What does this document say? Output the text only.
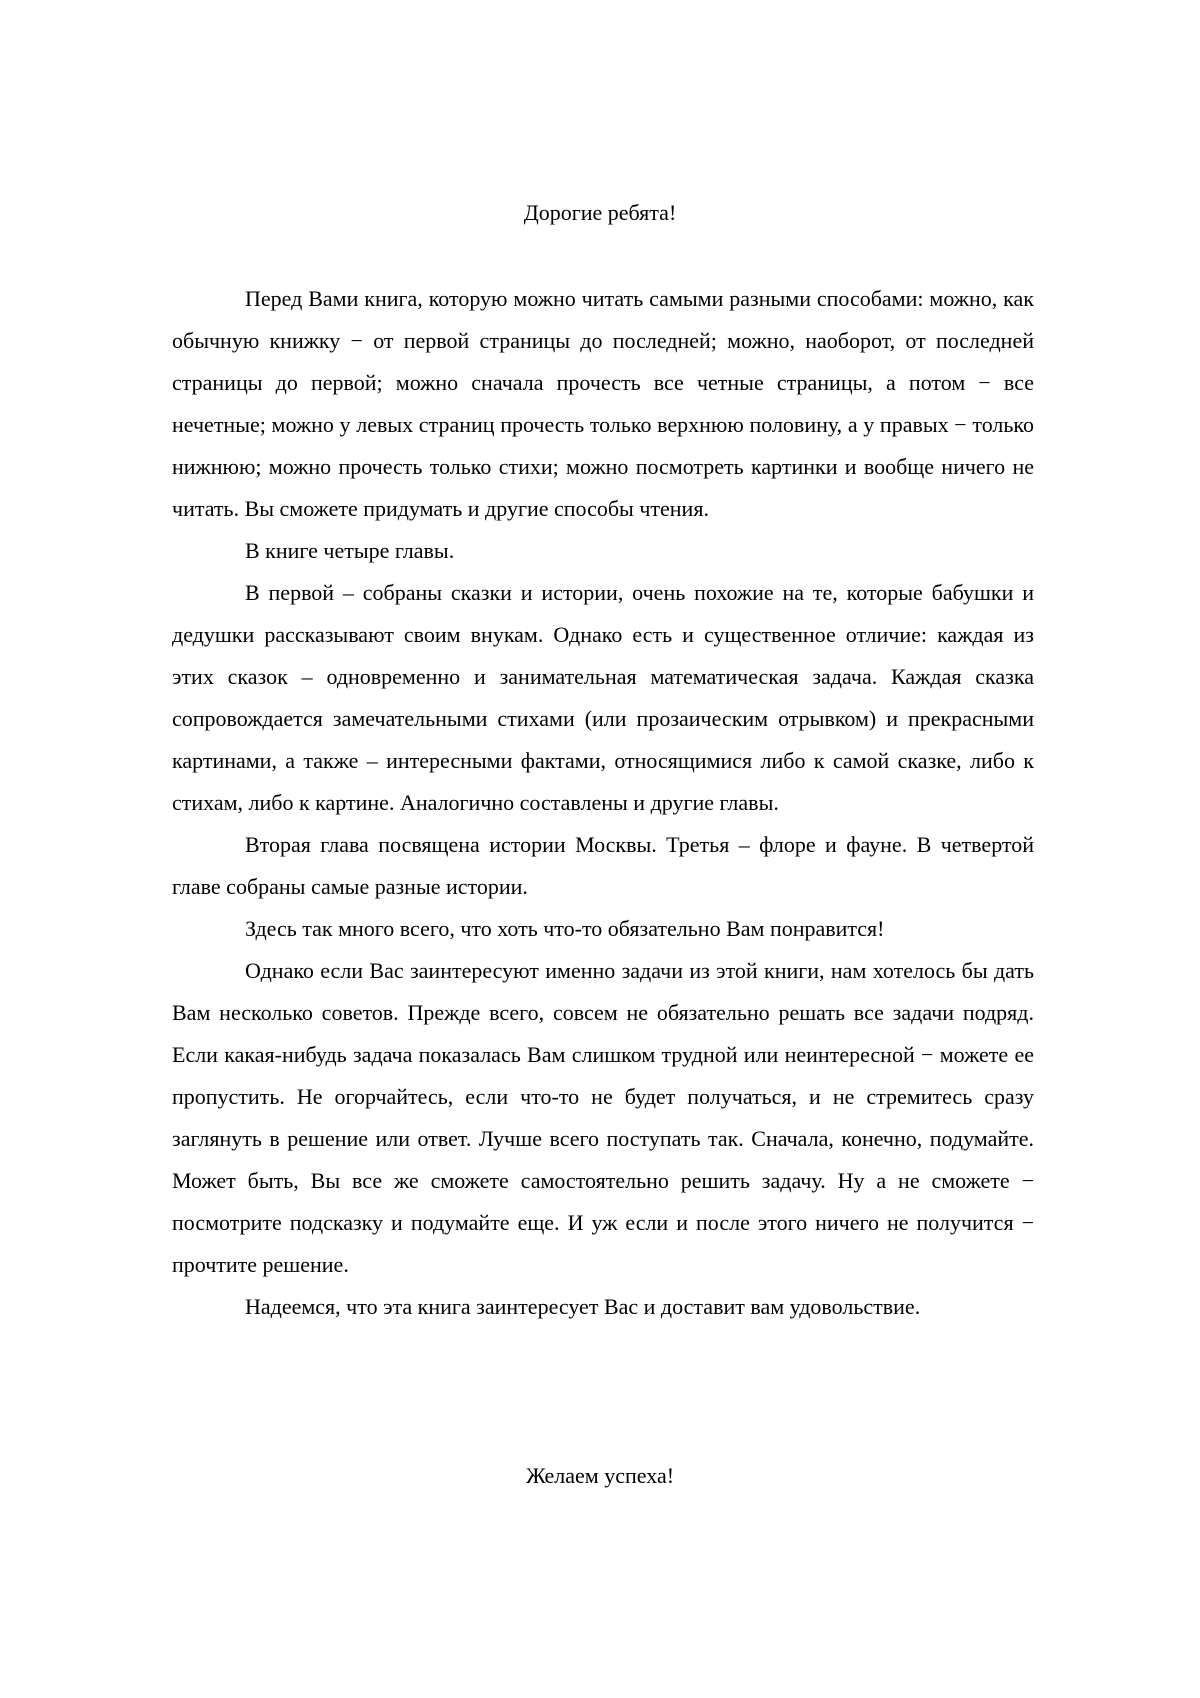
Дорогие ребята!

Перед Вами книга, которую можно читать самыми разными способами: можно, как обычную книжку − от первой страницы до последней; можно, наоборот, от последней страницы до первой; можно сначала прочесть все четные страницы, а потом − все нечетные; можно у левых страниц прочесть только верхнюю половину, а у правых − только нижнюю; можно прочесть только стихи; можно посмотреть картинки и вообще ничего не читать. Вы сможете придумать и другие способы чтения.

В книге четыре главы.

В первой – собраны сказки и истории, очень похожие на те, которые бабушки и дедушки рассказывают своим внукам. Однако есть и существенное отличие: каждая из этих сказок – одновременно и занимательная математическая задача. Каждая сказка сопровождается замечательными стихами (или прозаическим отрывком) и прекрасными картинами, а также – интересными фактами, относящимися либо к самой сказке, либо к стихам, либо к картине. Аналогично составлены и другие главы.

Вторая глава посвящена истории Москвы. Третья – флоре и фауне. В четвертой главе собраны самые разные истории.

Здесь так много всего, что хоть что-то обязательно Вам понравится!

Однако если Вас заинтересуют именно задачи из этой книги, нам хотелось бы дать Вам несколько советов. Прежде всего, совсем не обязательно решать все задачи подряд. Если какая-нибудь задача показалась Вам слишком трудной или неинтересной − можете ее пропустить. Не огорчайтесь, если что-то не будет получаться, и не стремитесь сразу заглянуть в решение или ответ. Лучше всего поступать так. Сначала, конечно, подумайте. Может быть, Вы все же сможете самостоятельно решить задачу. Ну а не сможете − посмотрите подсказку и подумайте еще. И уж если и после этого ничего не получится − прочтите решение.

Надеемся, что эта книга заинтересует Вас и доставит вам удовольствие.

Желаем успеха!
